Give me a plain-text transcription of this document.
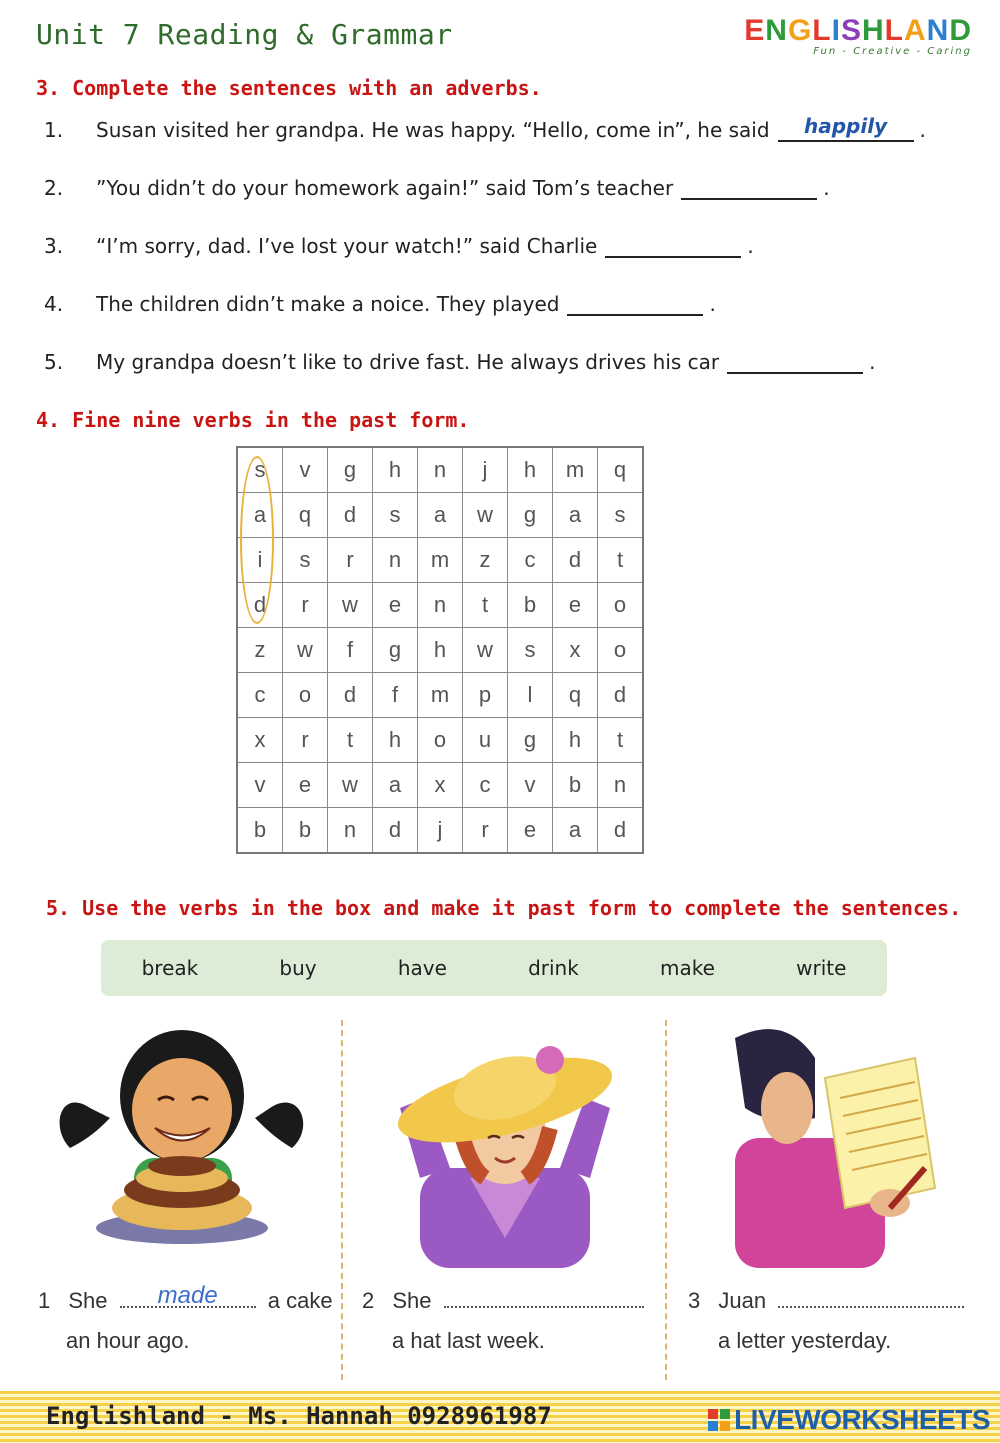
Unit 7 Reading & Grammar	ENGLISHLAND
Fun - Creative - Caring
3. Complete the sentences with an adverbs.
1.	Susan visited her grandpa. He was happy. “Hello, come in”, he said	happily	.
2.	”You didn’t do your homework again!” said Tom’s teacher	.
3.	“I’m sorry, dad. I’ve lost your watch!” said Charlie	.
4.	The children didn’t make a noice. They played	.
5.	My grandpa doesn’t like to drive fast. He always drives his car	.
4. Fine nine verbs in the past form.
s	v	g	h	n	j	h	m	q
a	q	d	s	a	w	g	a	s
i	s	r	n	m	z	c	d	t
d	r	w	e	n	t	b	e	o
z	w	f	g	h	w	s	x	o
c	o	d	f	m	p	l	q	d
x	r	t	h	o	u	g	h	t
v	e	w	a	x	c	v	b	n
b	b	n	d	j	r	e	a	d
5. Use the verbs in the box and make it past form to complete the sentences.
break	buy	have	drink	make	write
1 She	made	a cake
an hour ago.
2 She
a hat last week.
3 Juan
a letter yesterday.
Englishland - Ms. Hannah 0928961987	LIVEWORKSHEETS
